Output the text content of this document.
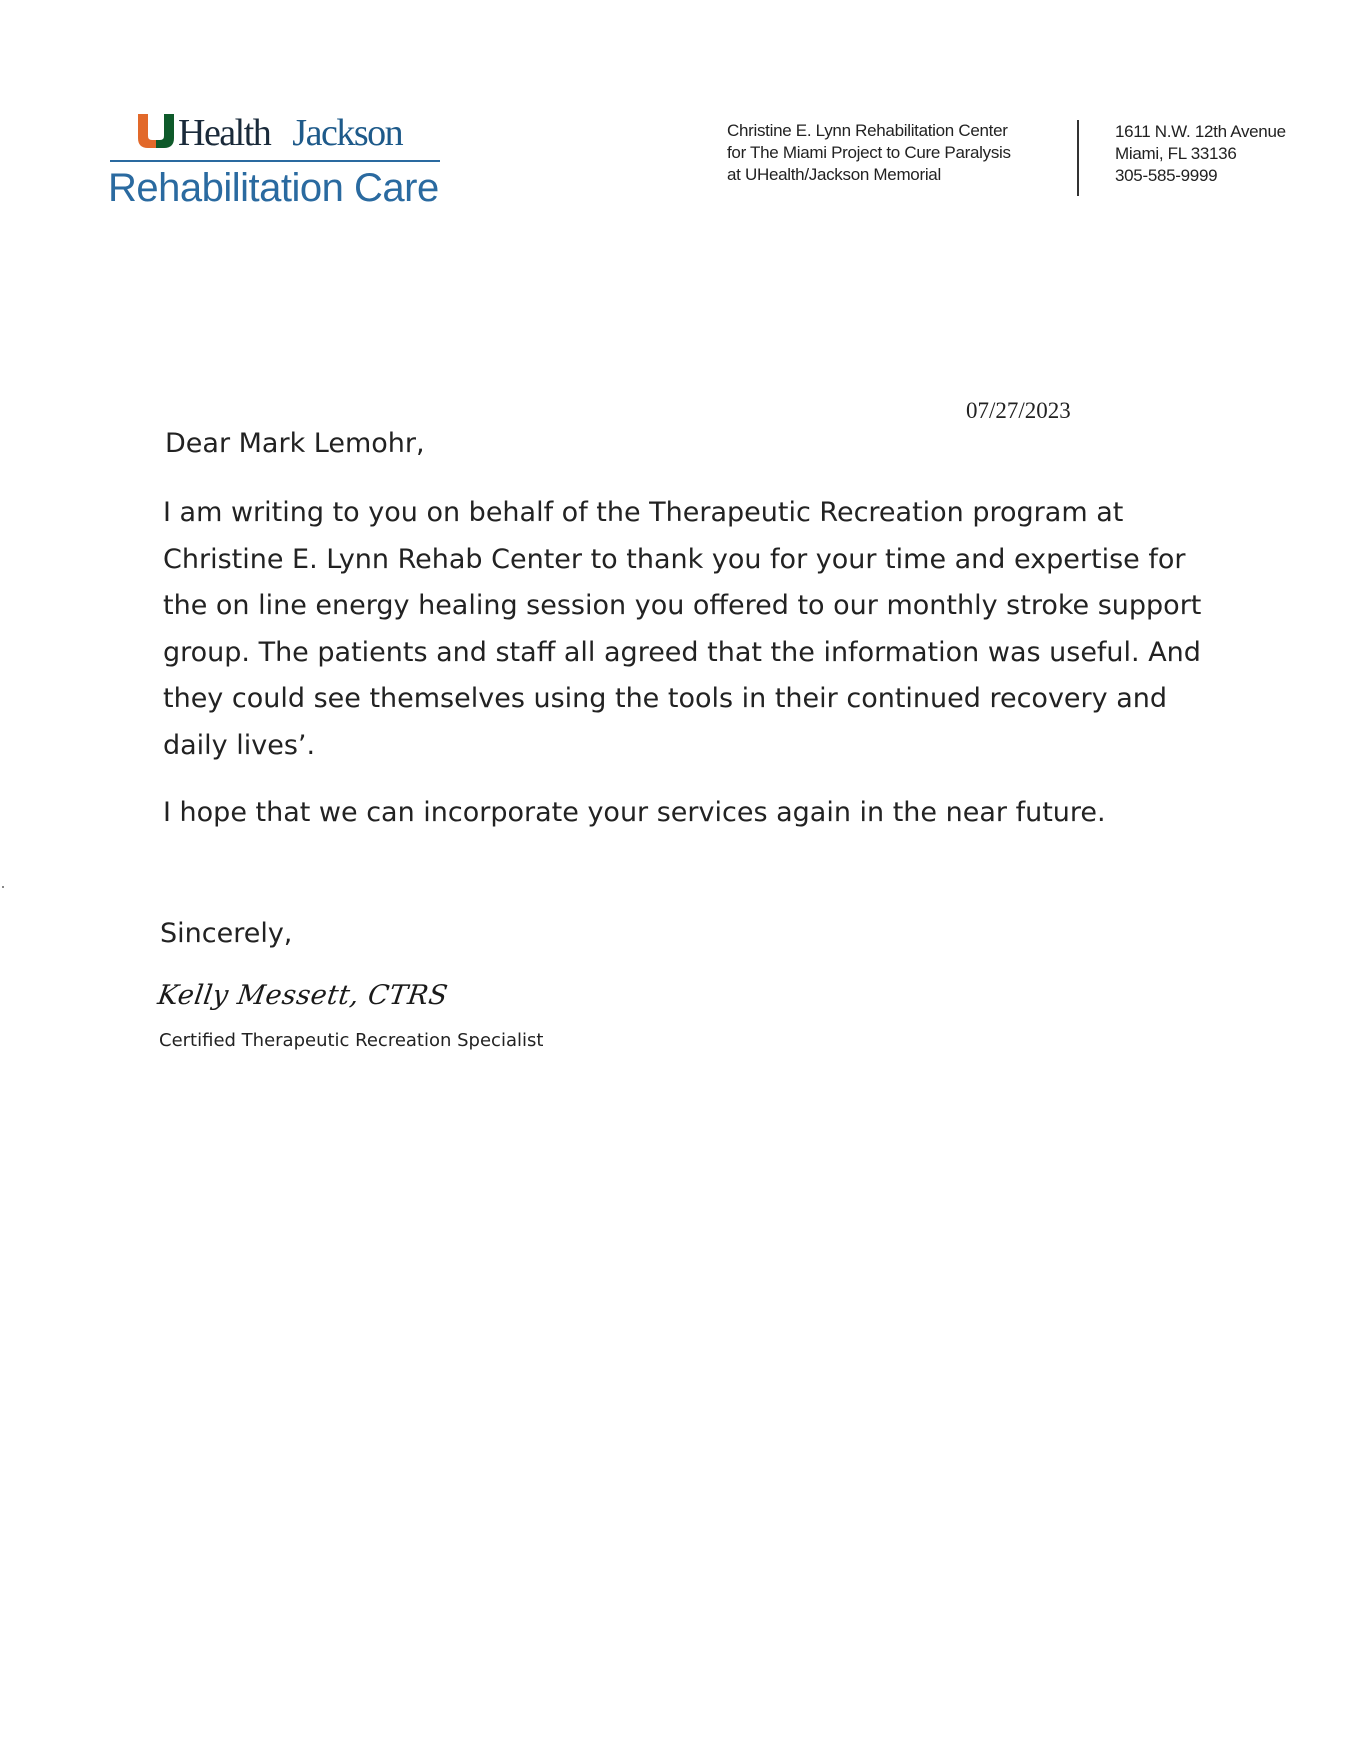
Health Jackson
Rehabilitation Care
Christine E. Lynn Rehabilitation Center
for The Miami Project to Cure Paralysis
at UHealth/Jackson Memorial
1611 N.W. 12th Avenue
Miami, FL 33136
305-585-9999
07/27/2023
Dear Mark Lemohr,
I am writing to you on behalf of the Therapeutic Recreation program at Christine E. Lynn Rehab Center to thank you for your time and expertise for the on line energy healing session you offered to our monthly stroke support group. The patients and staff all agreed that the information was useful. And they could see themselves using the tools in their continued recovery and daily lives’.
I hope that we can incorporate your services again in the near future.
Sincerely,
Kelly Messett, CTRS
Certified Therapeutic Recreation Specialist
